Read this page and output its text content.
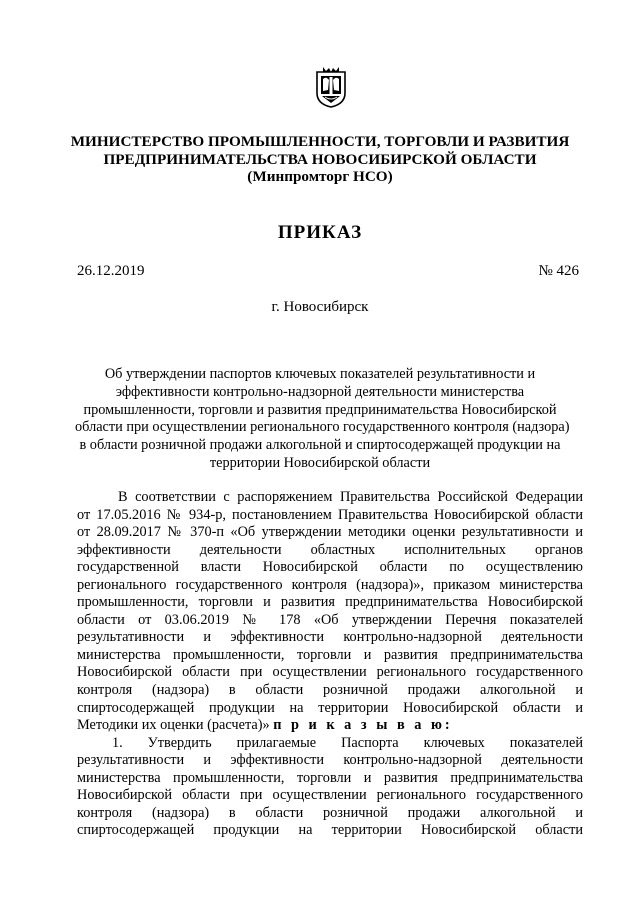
МИНИСТЕРСТВО ПРОМЫШЛЕННОСТИ, ТОРГОВЛИ И РАЗВИТИЯ
ПРЕДПРИНИМАТЕЛЬСТВА НОВОСИБИРСКОЙ ОБЛАСТИ
(Минпромторг НСО)
ПРИКАЗ
26.12.2019	№ 426
г. Новосибирск
Об утверждении паспортов ключевых показателей результативности и
эффективности контрольно-надзорной деятельности министерства
промышленности, торговли и развития предпринимательства Новосибирской
области при осуществлении регионального государственного контроля (надзора)
в области розничной продажи алкогольной и спиртосодержащей продукции на
территории Новосибирской области
В соответствии с распоряжением Правительства Российской Федерации
от 17.05.2016 № 934-р, постановлением Правительства Новосибирской области
от 28.09.2017 № 370-п «Об утверждении методики оценки результативности и
эффективности деятельности областных исполнительных органов
государственной власти Новосибирской области по осуществлению
регионального государственного контроля (надзора)», приказом министерства
промышленности, торговли и развития предпринимательства Новосибирской
области от 03.06.2019 № 178 «Об утверждении Перечня показателей
результативности и эффективности контрольно-надзорной деятельности
министерства промышленности, торговли и развития предпринимательства
Новосибирской области при осуществлении регионального государственного
контроля (надзора) в области розничной продажи алкогольной и
спиртосодержащей продукции на территории Новосибирской области и
Методики их оценки (расчета)» п р и к а з ы в а ю:
1. Утвердить прилагаемые Паспорта ключевых показателей
результативности и эффективности контрольно-надзорной деятельности
министерства промышленности, торговли и развития предпринимательства
Новосибирской области при осуществлении регионального государственного
контроля (надзора) в области розничной продажи алкогольной и
спиртосодержащей продукции на территории Новосибирской области
